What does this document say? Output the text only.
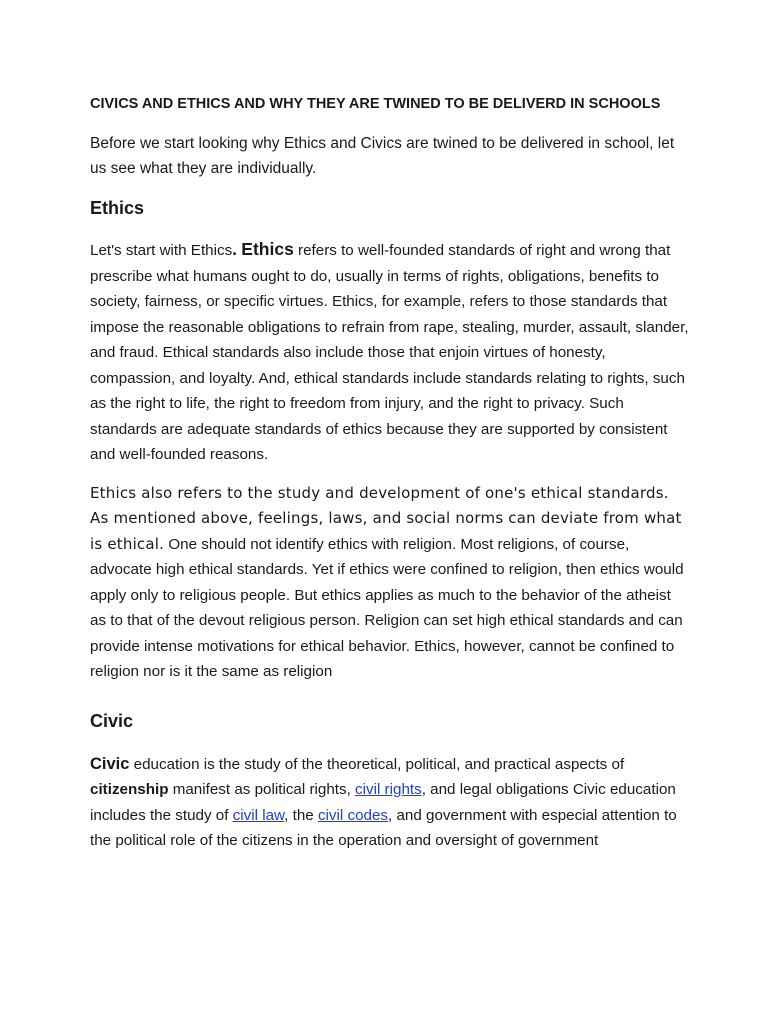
CIVICS AND ETHICS AND WHY THEY ARE TWINED TO BE DELIVERD IN SCHOOLS

Before we start looking why Ethics and Civics are twined to be delivered in school, let us see what they are individually.

Ethics

Let's start with Ethics. Ethics refers to well-founded standards of right and wrong that prescribe what humans ought to do, usually in terms of rights, obligations, benefits to society, fairness, or specific virtues. Ethics, for example, refers to those standards that impose the reasonable obligations to refrain from rape, stealing, murder, assault, slander, and fraud. Ethical standards also include those that enjoin virtues of honesty, compassion, and loyalty. And, ethical standards include standards relating to rights, such as the right to life, the right to freedom from injury, and the right to privacy. Such standards are adequate standards of ethics because they are supported by consistent and well-founded reasons.

Ethics also refers to the study and development of one's ethical standards. As mentioned above, feelings, laws, and social norms can deviate from what is ethical. One should not identify ethics with religion. Most religions, of course, advocate high ethical standards. Yet if ethics were confined to religion, then ethics would apply only to religious people. But ethics applies as much to the behavior of the atheist as to that of the devout religious person. Religion can set high ethical standards and can provide intense motivations for ethical behavior. Ethics, however, cannot be confined to religion nor is it the same as religion

Civic

Civic education is the study of the theoretical, political, and practical aspects of citizenship manifest as political rights, civil rights, and legal obligations Civic education includes the study of civil law, the civil codes, and government with especial attention to the political role of the citizens in the operation and oversight of government
